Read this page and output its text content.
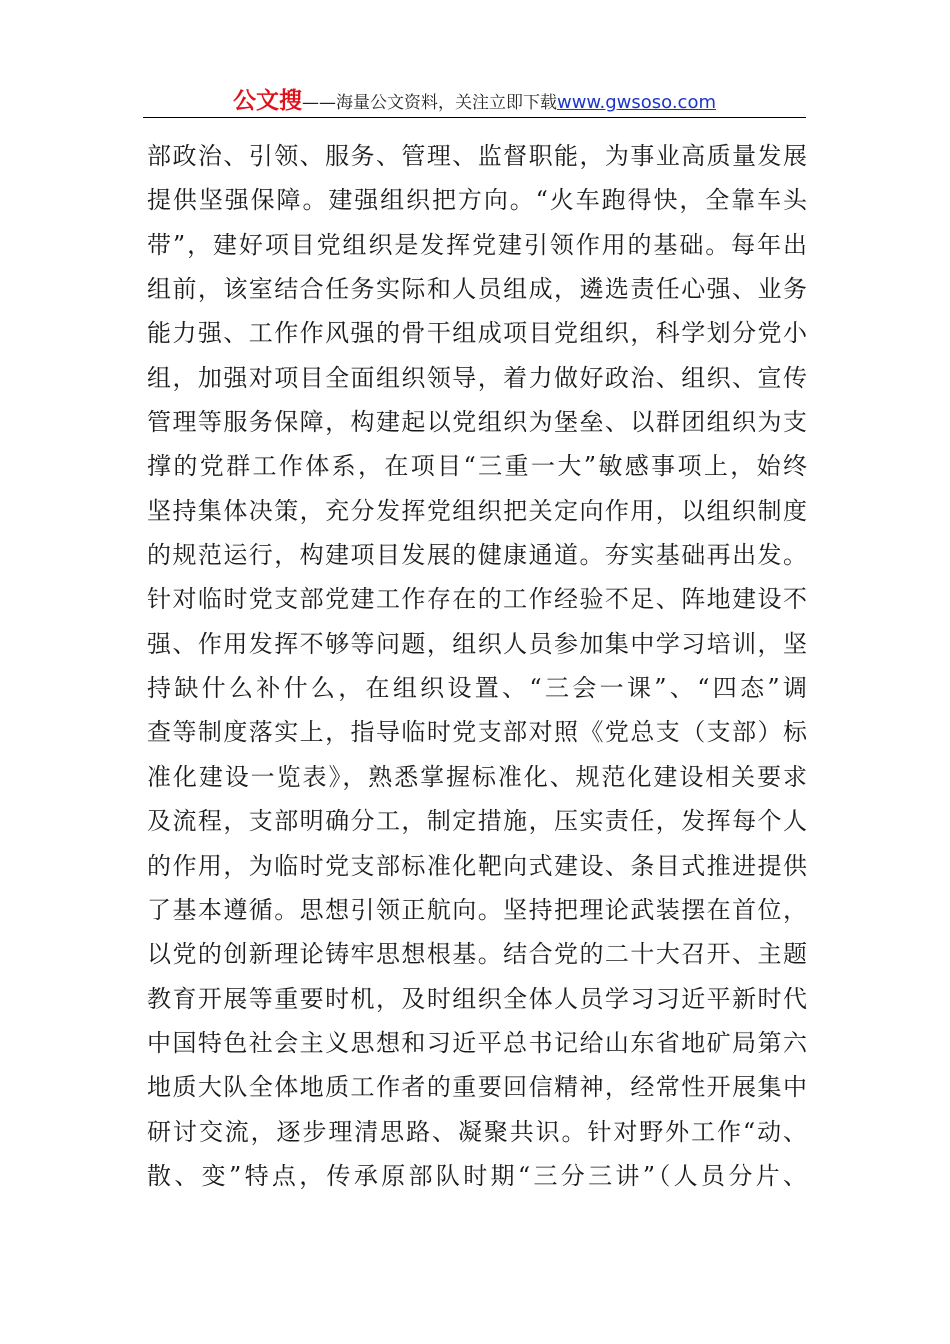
公文搜——海量公文资料，关注立即下载www.gwsoso.com
部政治、引领、服务、管理、监督职能，为事业高质量发展
提供坚强保障。建强组织把方向。“火车跑得快，全靠车头
带”，建好项目党组织是发挥党建引领作用的基础。每年出
组前，该室结合任务实际和人员组成，遴选责任心强、业务
能力强、工作作风强的骨干组成项目党组织，科学划分党小
组，加强对项目全面组织领导，着力做好政治、组织、宣传
管理等服务保障，构建起以党组织为堡垒、以群团组织为支
撑的党群工作体系，在项目“三重一大”敏感事项上，始终
坚持集体决策，充分发挥党组织把关定向作用，以组织制度
的规范运行，构建项目发展的健康通道。夯实基础再出发。
针对临时党支部党建工作存在的工作经验不足、阵地建设不
强、作用发挥不够等问题，组织人员参加集中学习培训，坚
持缺什么补什么，在组织设置、“三会一课”、“四态”调
查等制度落实上，指导临时党支部对照《党总支（支部）标
准化建设一览表》，熟悉掌握标准化、规范化建设相关要求
及流程，支部明确分工，制定措施，压实责任，发挥每个人
的作用，为临时党支部标准化靶向式建设、条目式推进提供
了基本遵循。思想引领正航向。坚持把理论武装摆在首位，
以党的创新理论铸牢思想根基。结合党的二十大召开、主题
教育开展等重要时机，及时组织全体人员学习习近平新时代
中国特色社会主义思想和习近平总书记给山东省地矿局第六
地质大队全体地质工作者的重要回信精神，经常性开展集中
研讨交流，逐步理清思路、凝聚共识。针对野外工作“动、
散、变”特点，传承原部队时期“三分三讲”（人员分片、
